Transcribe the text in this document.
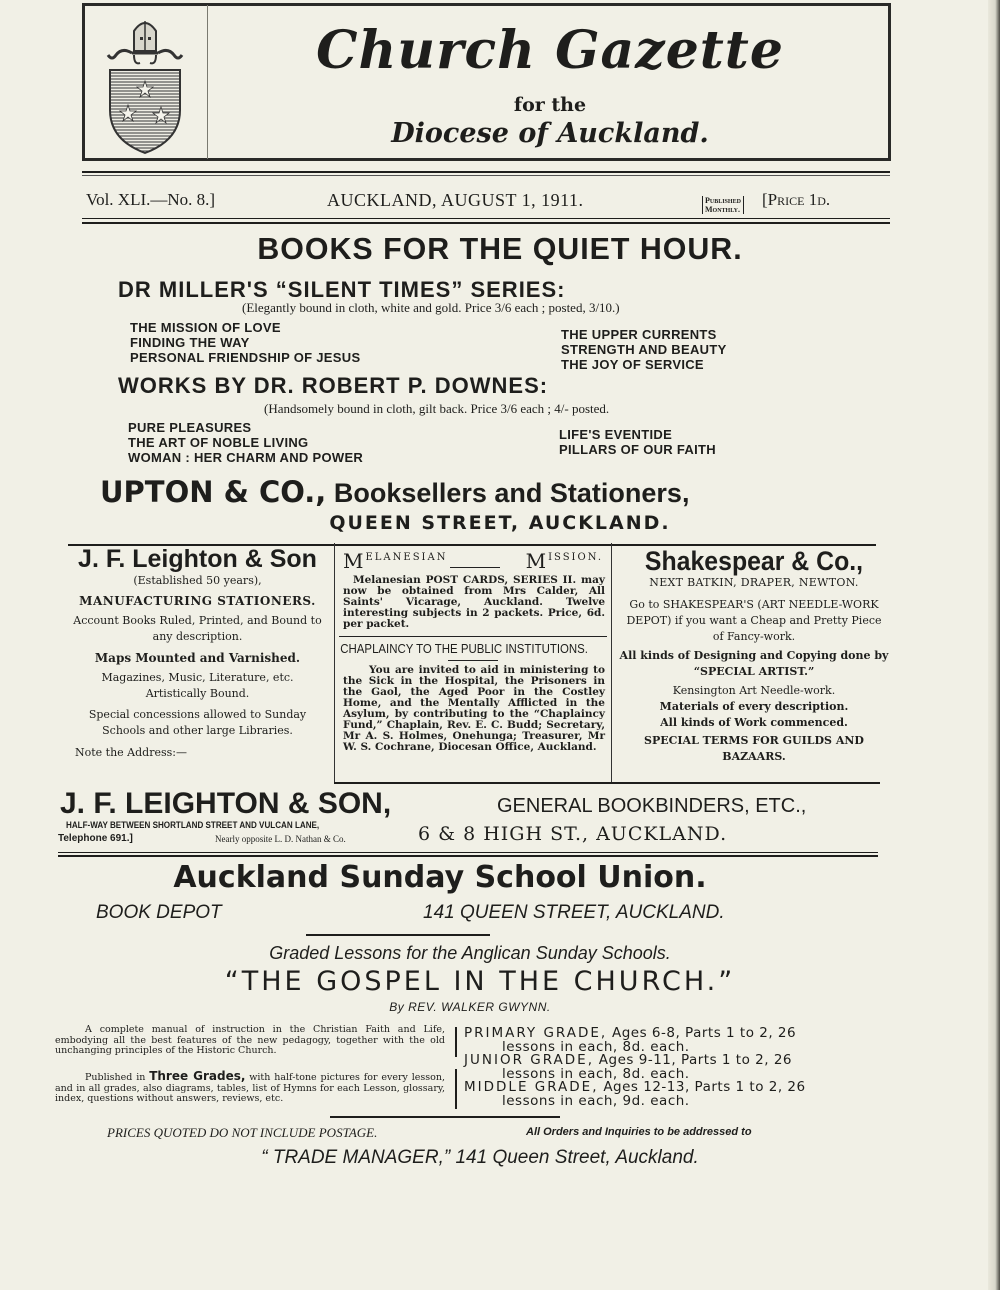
Church Gazette
for the
Diocese of Auckland.
Vol. XLI.—No. 8.]	AUCKLAND, AUGUST 1, 1911.	Published
Monthly.
[Price 1d.
BOOKS FOR THE QUIET HOUR.
DR MILLER'S “SILENT TIMES” SERIES:
(Elegantly bound in cloth, white and gold. Price 3/6 each ; posted, 3/10.)
THE MISSION OF LOVE
FINDING THE WAY
PERSONAL FRIENDSHIP OF JESUS
THE UPPER CURRENTS
STRENGTH AND BEAUTY
THE JOY OF SERVICE
WORKS BY DR. ROBERT P. DOWNES:
(Handsomely bound in cloth, gilt back. Price 3/6 each ; 4/- posted.
PURE PLEASURES
THE ART OF NOBLE LIVING
WOMAN : HER CHARM AND POWER
LIFE'S EVENTIDE
PILLARS OF OUR FAITH
UPTON & CO., Booksellers and Stationers,
QUEEN STREET, AUCKLAND.
J. F. Leighton & Son
(Established 50 years),
MANUFACTURING STATIONERS.
Account Books Ruled, Printed, and Bound to any description.
Maps Mounted and Varnished.
Magazines, Music, Literature, etc. Artistically Bound.
Special concessions allowed to Sunday Schools and other large Libraries.
Note the Address:—
MELANESIAN	MISSION.
Melanesian POST CARDS, SERIES II. may now be obtained from Mrs Calder, All Saints' Vicarage, Auckland. Twelve interesting subjects in 2 packets. Price, 6d. per packet.
CHAPLAINCY TO THE PUBLIC INSTITUTIONS.
You are invited to aid in ministering to the Sick in the Hospital, the Prisoners in the Gaol, the Aged Poor in the Costley Home, and the Mentally Afflicted in the Asylum, by contributing to the “Chaplaincy Fund,” Chaplain, Rev. E. C. Budd; Secretary, Mr A. S. Holmes, Onehunga; Treasurer, Mr W. S. Cochrane, Diocesan Office, Auckland.
Shakespear & Co.,
NEXT BATKIN, DRAPER, NEWTON.
Go to SHAKESPEAR'S (ART NEEDLE-WORK DEPOT) if you want a Cheap and Pretty Piece of Fancy-work.
All kinds of Designing and Copying done by “SPECIAL ARTIST.”
Kensington Art Needle-work.
Materials of every description.
All kinds of Work commenced.
SPECIAL TERMS FOR GUILDS AND BAZAARS.
J. F. LEIGHTON & SON,	GENERAL BOOKBINDERS, ETC.,
HALF-WAY BETWEEN SHORTLAND STREET AND VULCAN LANE,
Telephone 691.]	Nearly opposite L. D. Nathan & Co.	6 & 8 HIGH ST., AUCKLAND.
Auckland Sunday School Union.
BOOK DEPOT	141 QUEEN STREET, AUCKLAND.
Graded Lessons for the Anglican Sunday Schools.
“THE GOSPEL IN THE CHURCH.”
By REV. WALKER GWYNN.
A complete manual of instruction in the Christian Faith and Life, embodying all the best features of the new pedagogy, together with the old unchanging principles of the Historic Church.
Published in Three Grades, with half-tone pictures for every lesson, and in all grades, also diagrams, tables, list of Hymns for each Lesson, glossary, index, questions without answers, reviews, etc.
PRIMARY GRADE, Ages 6-8, Parts 1 to 2, 26
lessons in each, 8d. each.
JUNIOR GRADE, Ages 9-11, Parts 1 to 2, 26
lessons in each, 8d. each.
MIDDLE GRADE, Ages 12-13, Parts 1 to 2, 26
lessons in each, 9d. each.
PRICES QUOTED DO NOT INCLUDE POSTAGE.	All Orders and Inquiries to be addressed to
“ TRADE MANAGER,” 141 Queen Street, Auckland.
